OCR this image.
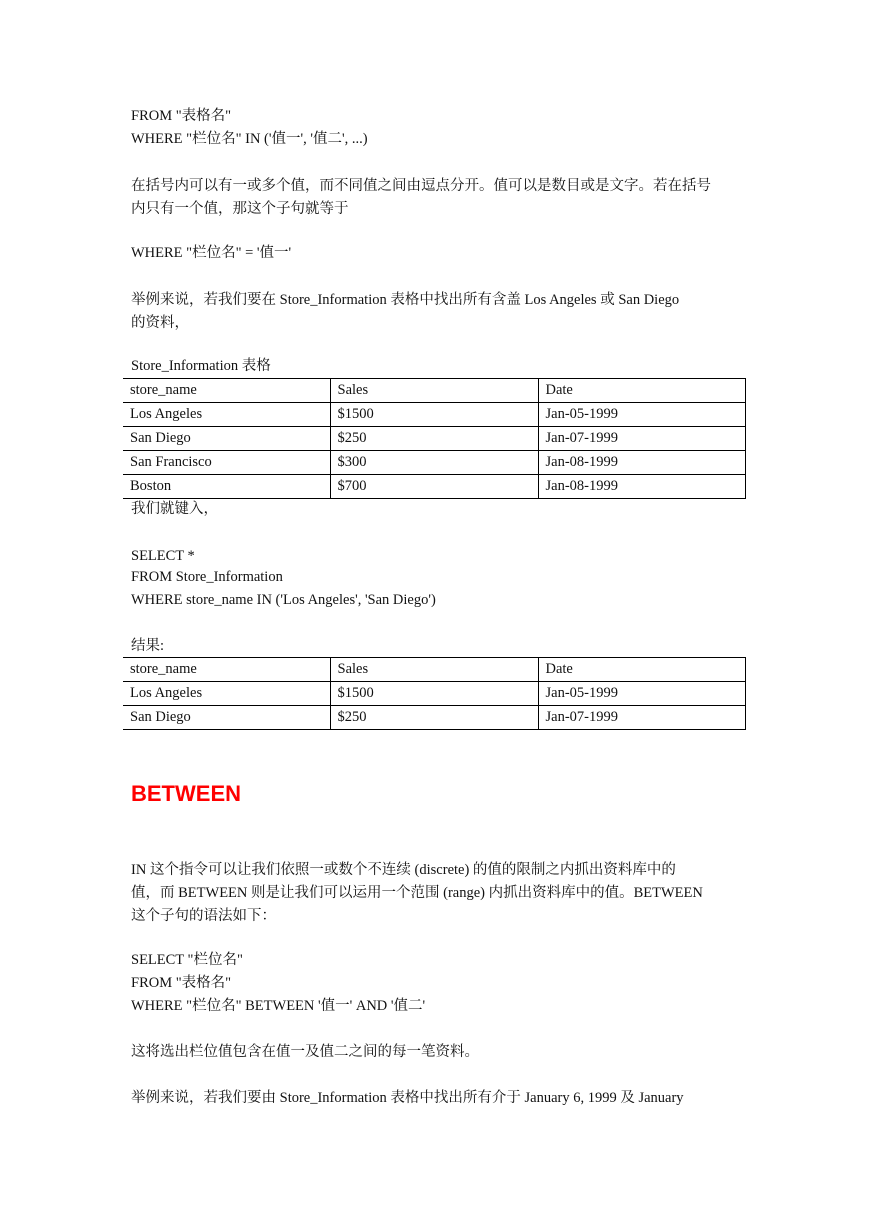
FROM "表格名"
WHERE "栏位名" IN ('值一', '值二', ...)
在括号内可以有一或多个值，而不同值之间由逗点分开。值可以是数目或是文字。若在括号
内只有一个值，那这个子句就等于
WHERE "栏位名" = '值一'
举例来说，若我们要在 Store_Information 表格中找出所有含盖 Los Angeles 或 San Diego
的资料，
Store_Information 表格
store_name	Sales	Date
Los Angeles	$1500	Jan-05-1999
San Diego	$250	Jan-07-1999
San Francisco	$300	Jan-08-1999
Boston	$700	Jan-08-1999
我们就键入，
SELECT *
FROM Store_Information
WHERE store_name IN ('Los Angeles', 'San Diego')
结果:
store_name	Sales	Date
Los Angeles	$1500	Jan-05-1999
San Diego	$250	Jan-07-1999
BETWEEN
IN 这个指令可以让我们依照一或数个不连续 (discrete) 的值的限制之内抓出资料库中的
值，而 BETWEEN 则是让我们可以运用一个范围 (range) 内抓出资料库中的值。BETWEEN
这个子句的语法如下：
SELECT "栏位名"
FROM "表格名"
WHERE "栏位名" BETWEEN '值一' AND '值二'
这将选出栏位值包含在值一及值二之间的每一笔资料。
举例来说，若我们要由 Store_Information 表格中找出所有介于 January 6, 1999 及 January
